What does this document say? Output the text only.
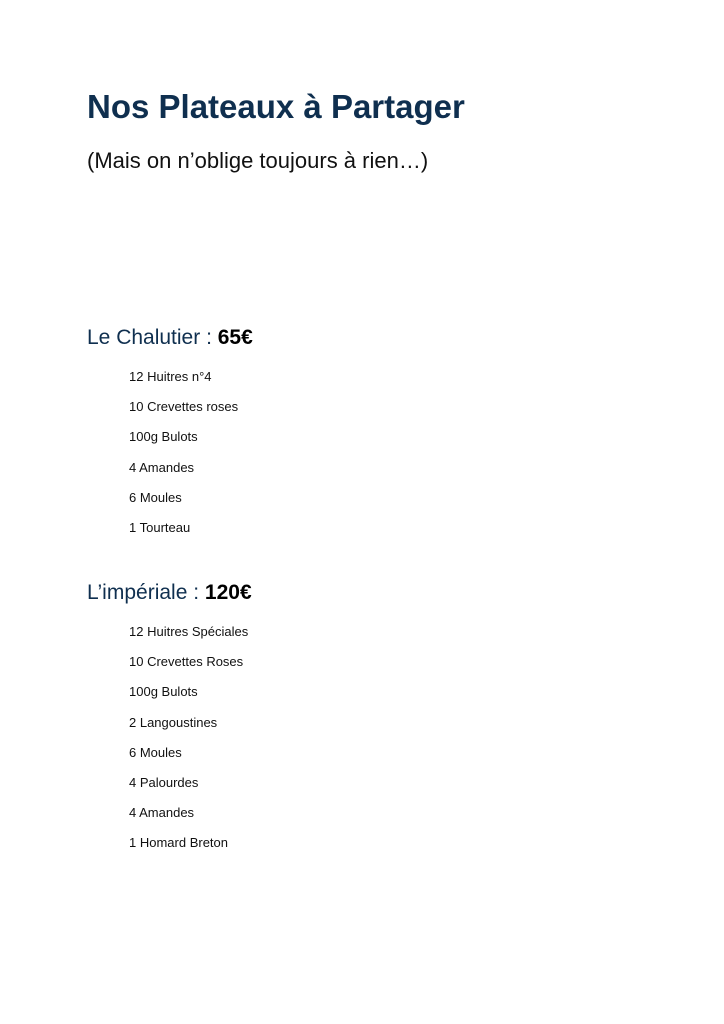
Nos Plateaux à Partager

(Mais on n’oblige toujours à rien…)

Le Chalutier : 65€
12 Huitres n°4
10 Crevettes roses
100g Bulots
4 Amandes
6 Moules
1 Tourteau
L’impériale : 120€
12 Huitres Spéciales
10 Crevettes Roses
100g Bulots
2 Langoustines
6 Moules
4 Palourdes
4 Amandes
1 Homard Breton
